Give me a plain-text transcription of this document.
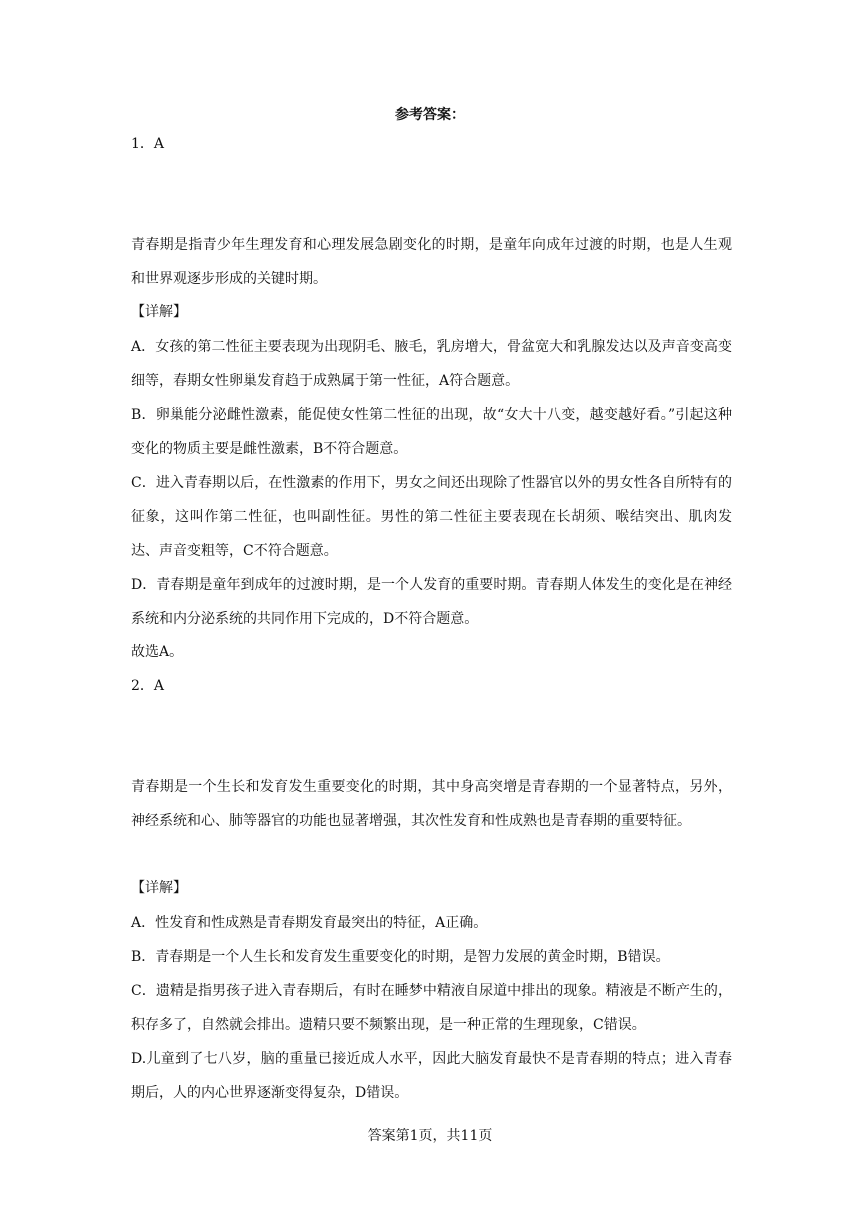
参考答案：
1．A
青春期是指青少年生理发育和心理发展急剧变化的时期，是童年向成年过渡的时期，也是人生观和世界观逐步形成的关键时期。
【详解】
A．女孩的第二性征主要表现为出现阴毛、腋毛，乳房增大，骨盆宽大和乳腺发达以及声音变高变细等，春期女性卵巢发育趋于成熟属于第一性征，A符合题意。
B．卵巢能分泌雌性激素，能促使女性第二性征的出现，故“女大十八变，越变越好看。”引起这种变化的物质主要是雌性激素，B不符合题意。
C．进入青春期以后，在性激素的作用下，男女之间还出现除了性器官以外的男女性各自所特有的征象，这叫作第二性征，也叫副性征。男性的第二性征主要表现在长胡须、喉结突出、肌肉发达、声音变粗等，C不符合题意。
D．青春期是童年到成年的过渡时期，是一个人发育的重要时期。青春期人体发生的变化是在神经系统和内分泌系统的共同作用下完成的，D不符合题意。
故选A。
2．A
青春期是一个生长和发育发生重要变化的时期，其中身高突增是青春期的一个显著特点，另外，神经系统和心、肺等器官的功能也显著增强，其次性发育和性成熟也是青春期的重要特征。
【详解】
A．性发育和性成熟是青春期发育最突出的特征，A正确。
B．青春期是一个人生长和发育发生重要变化的时期，是智力发展的黄金时期，B错误。
C．遗精是指男孩子进入青春期后，有时在睡梦中精液自尿道中排出的现象。精液是不断产生的，积存多了，自然就会排出。遗精只要不频繁出现，是一种正常的生理现象，C错误。
D.儿童到了七八岁，脑的重量已接近成人水平，因此大脑发育最快不是青春期的特点；进入青春期后，人的内心世界逐渐变得复杂，D错误。
答案第1页，共11页
